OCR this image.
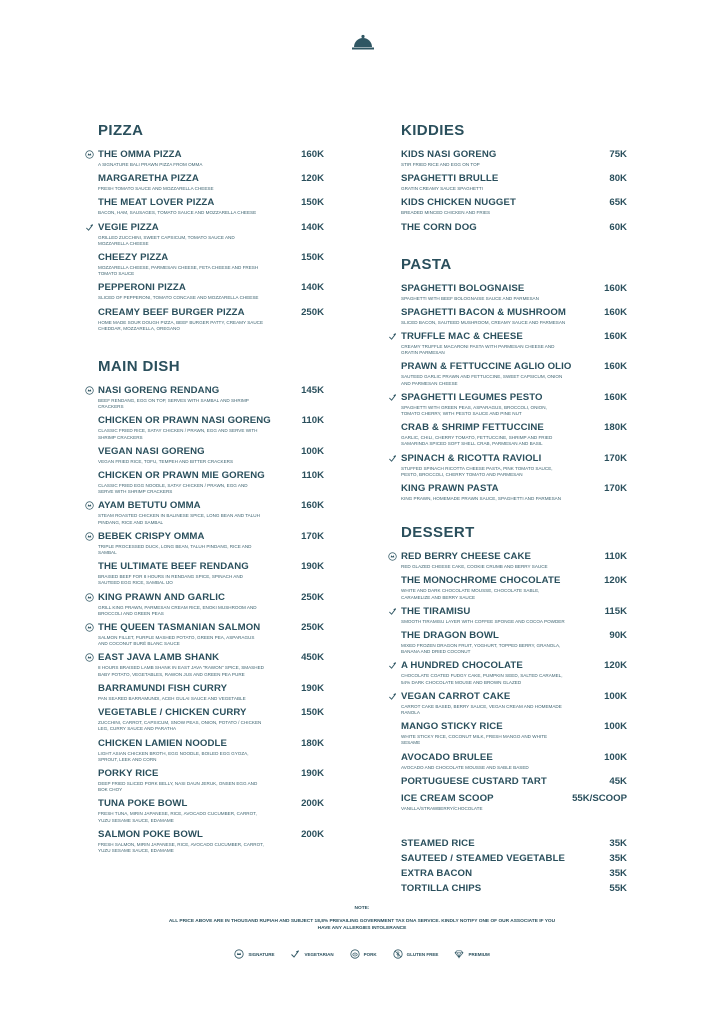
PIZZA
THE OMMA PIZZA	160K
A SIGNATURE BALI PRAWN PIZZA FROM OMMA
MARGARETHA PIZZA	120K
FRESH TOMATO SAUCE AND MOZZARELLA CHEESE
THE MEAT LOVER PIZZA	150K
BACON, HAM, SAUSAGES, TOMATO SAUCE AND MOZZARELLA CHEESE
VEGIE PIZZA	140K
GRILLED ZUCCHINI, SWEET CAPSICUM, TOMATO SAUCE AND MOZZARELLA CHEESE
CHEEZY PIZZA	150K
MOZZARELLA CHEESE, PARMESAN CHEESE, FETA CHEESE AND FRESH TOMATO SAUCE
PEPPERONI PIZZA	140K
SLICED OF PEPPERONI, TOMATO CONCASE AND MOZZARELLA CHEESE
CREAMY BEEF BURGER PIZZA	250K
HOME MADE SOUR DOUGH PIZZA, BEEF BURGER PATTY, CREAMY SAUCE CHEDDAR, MOZZARELLA, OREGANO
MAIN DISH
NASI GORENG RENDANG	145K
BEEF RENDANG, EGG ON TOP, SERVES WITH SAMBAL AND SHRIMP CRACKERS
CHICKEN OR PRAWN NASI GORENG	110K
CLASSIC FRIED RICE, SATAY CHICKEN / PRAWN, EGG AND SERVE WITH SHRIMP CRACKERS
VEGAN NASI GORENG	100K
VEGAN FRIED RICE, TOFU, TEMPEH AND BITTER CRACKERS
CHICKEN OR PRAWN MIE GORENG	110K
CLASSIC FRIED EGG NOODLE, SATAY CHICKEN / PRAWN, EGG AND SERVE WITH SHRIMP CRACKERS
AYAM BETUTU OMMA	160K
STEAM ROASTED CHICKEN IN BALINESE SPICE, LONG BEAN AND TALUH PINDANG, RICE AND SAMBAL
BEBEK CRISPY OMMA	170K
TRIPLE PROCESSED DUCK, LONG BEAN, TALUH PINDANG, RICE AND SAMBAL
THE ULTIMATE BEEF RENDANG	190K
BRAISED BEEF FOR 8 HOURS IN RENDANG SPICE, SPINACH AND SAUTEED EGG RICE, SAMBAL IJO
KING PRAWN AND GARLIC	250K
GRILL KING PRAWN, PARMESAN CREAM RICE, ENOKI MUSHROOM AND BROCCOLI AND GREEN PEAS
THE QUEEN TASMANIAN SALMON	250K
SALMON FILLET, PURPLE MASHED POTATO, GREEN PEA, ASPARAGUS AND COCONUT BURÉ BLANC SAUCE
EAST JAVA LAMB SHANK	450K
8 HOURS BRAISED LAMB SHANK IN EAST JAVA "RAWON" SPICE, SMASHED BABY POTATO, VEGETABLES, RAWON JUS AND GREEN PEA PURE
BARRAMUNDI FISH CURRY	190K
PAN SEARED BARRAMUNDI, ACEH GULAI SAUCE AND VEGETABLE
VEGETABLE / CHICKEN CURRY	150K
ZUCCHINI, CARROT, CAPSICUM, SNOW PEAS, ONION, POTATO / CHICKEN LEG, CURRY SAUCE AND PARATHA
CHICKEN LAMIEN NOODLE	180K
LIGHT ASIAN CHICKEN BROTH, EGG NOODLE, BOILED EGG GYOZA, SPROUT, LEEK AND CORN
PORKY RICE	190K
DEEP FRIED SLICED PORK BELLY, NASI DAUN JERUK, ONSEN EGG AND BOK CHOY
TUNA POKE BOWL	200K
FRESH TUNA, MIRIN JAPANESE, RICE, AVOCADO CUCUMBER, CARROT, YUZU SESAME SAUCE, EDAMAME
SALMON POKE BOWL	200K
FRESH SALMON, MIRIN JAPANESE, RICE, AVOCADO CUCUMBER, CARROT, YUZU SESAME SAUCE, EDAMAME
KIDDIES
KIDS NASI GORENG	75K
STIR FRIED RICE AND EGG ON TOP
SPAGHETTI BRULLE	80K
GRATIN CREAMY SAUCE SPAGHETTI
KIDS CHICKEN NUGGET	65K
BREADED MINCED CHICKEN AND FRIES
THE CORN DOG	60K
PASTA
SPAGHETTI BOLOGNAISE	160K
SPAGHETTI WITH BEEF BOLOGNAISE SAUCE AND PARMESAN
SPAGHETTI BACON & MUSHROOM	160K
SLICED BACON, SAUTEED MUSHROOM, CREAMY SAUCE AND PARMESAN
TRUFFLE MAC & CHEESE	160K
CREAMY TRUFFLE MACARONI PASTA WITH PARMESAN CHEESE AND GRATIN PARMESAN
PRAWN & FETTUCCINE AGLIO OLIO	160K
SAUTEED GARLIC PRAWN AND FETTUCCINE, SWEET CAPSICUM, ONION AND PARMESAN CHEESE
SPAGHETTI LEGUMES PESTO	160K
SPAGHETTI WITH GREEN PEAS, ASPARAGUS, BROCCOLI, ONION, TOMATO CHERRY, WITH PESTO SAUCE AND PINE NUT
CRAB & SHRIMP FETTUCCINE	180K
GARLIC, CHILI, CHERRY TOMATO, FETTUCCINE, SHRIMP AND FRIED SAMARINDA SPICED SOFT SHELL CRAB, PARMESAN AND BASIL
SPINACH & RICOTTA RAVIOLI	170K
STUFFED SPINACH RICOTTA CHEESE PASTA, PINK TOMATO SAUCE, PESTO, BROCCOLI, CHERRY TOMATO AND PARMESAN
KING PRAWN PASTA	170K
KING PRAWN, HOMEMADE PRAWN SAUCE, SPAGHETTI AND PARMESAN
DESSERT
RED BERRY CHEESE CAKE	110K
RED GLAZED CHEESE CAKE, COOKIE CRUMB AND BERRY SAUCE
THE MONOCHROME CHOCOLATE	120K
WHITE AND DARK CHOCOLATE MOUSSE, CHOCOLATE SABLE, CARAMELIZE AND BERRY SAUCE
THE TIRAMISU	115K
SMOOTH TIRAMISU LAYER WITH COFFEE SPONGE AND COCOA POWDER
THE DRAGON BOWL	90K
MIXED FROZEN DRAGON FRUIT, YOGHURT, TOPPED BERRY, GRANOLA, BANANA AND DRIED COCONUT
A HUNDRED CHOCOLATE	120K
CHOCOLATE COATED FUDGY CAKE, PUMPKIN SEED, SALTED CARAMEL, 54% DARK CHOCOLATE MOUSE AND BROWN GLAZED
VEGAN CARROT CAKE	100K
CARROT CAKE BASED, BERRY SAUCE, VEGAN CREAM AND HOMEMADE RANOLA
MANGO STICKY RICE	100K
WHITE STICKY RICE, COCONUT MILK, FRESH MANGO AND WHITE SESAME
AVOCADO BRULEE	100K
AVOCADO AND CHOCOLATE MOUSSE AND SABLE BASED
PORTUGUESE CUSTARD TART	45K
ICE CREAM SCOOP	55K/SCOOP
VANILLA/STRAWBERRY/CHOCOLATE
STEAMED RICE	35K
SAUTEED / STEAMED VEGETABLE	35K
EXTRA BACON	35K
TORTILLA CHIPS	55K
NOTE:
ALL PRICE ABOVE ARE IN THOUSAND RUPIAH AND SUBJECT 18,8% PREVAILING GOVERNMENT TAX DNA SERVICE. KINDLY NOTIFY ONE OF OUR ASSOCIATE IF YOU HAVE ANY ALLERGIES INTOLERANCE
SIGNATURE	VEGETARIAN	PORK	GLUTEN FREE	PREMIUM
